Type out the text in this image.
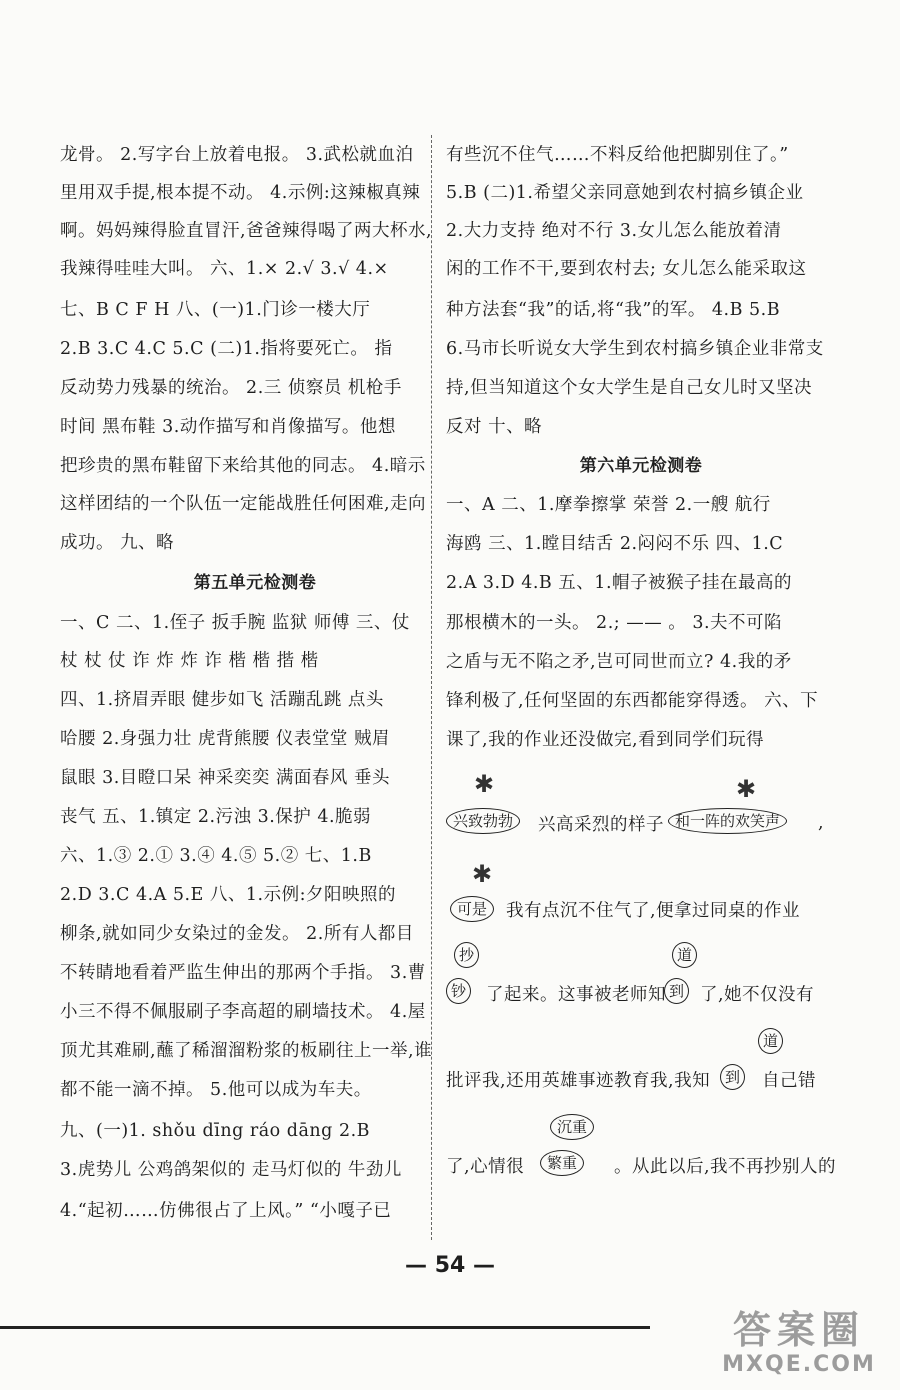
龙骨。 2.写字台上放着电报。 3.武松就血泊
里用双手提,根本提不动。 4.示例:这辣椒真辣
啊。妈妈辣得脸直冒汗,爸爸辣得喝了两大杯水,
我辣得哇哇大叫。 六、1.× 2.√ 3.√ 4.×
七、B C F H 八、(一)1.门诊一楼大厅
2.B 3.C 4.C 5.C (二)1.指将要死亡。 指
反动势力残暴的统治。 2.三 侦察员 机枪手
时间 黑布鞋 3.动作描写和肖像描写。他想
把珍贵的黑布鞋留下来给其他的同志。 4.暗示
这样团结的一个队伍一定能战胜任何困难,走向
成功。 九、略
第五单元检测卷
一、C 二、1.侄子 扳手腕 监狱 师傅 三、仗
杖 杖 仗 诈 炸 炸 诈 楷 楷 揩 楷
四、1.挤眉弄眼 健步如飞 活蹦乱跳 点头
哈腰 2.身强力壮 虎背熊腰 仪表堂堂 贼眉
鼠眼 3.目瞪口呆 神采奕奕 满面春风 垂头
丧气 五、1.镇定 2.污浊 3.保护 4.脆弱
六、1.③ 2.① 3.④ 4.⑤ 5.② 七、1.B
2.D 3.C 4.A 5.E 八、1.示例:夕阳映照的
柳条,就如同少女染过的金发。 2.所有人都目
不转睛地看着严监生伸出的那两个手指。 3.曹
小三不得不佩服刷子李高超的刷墙技术。 4.屋
顶尤其难刷,蘸了稀溜溜粉浆的板刷往上一举,谁
都不能一滴不掉。 5.他可以成为车夫。
九、(一)1. shǒu dīng ráo dāng 2.B
3.虎势儿 公鸡鸽架似的 走马灯似的 牛劲儿
4.“起初……仿佛很占了上风。” “小嘎子已
有些沉不住气……不料反给他把脚别住了。”
5.B (二)1.希望父亲同意她到农村搞乡镇企业
2.大力支持 绝对不行 3.女儿怎么能放着清
闲的工作不干,要到农村去; 女儿怎么能采取这
种方法套“我”的话,将“我”的军。 4.B 5.B
6.马市长听说女大学生到农村搞乡镇企业非常支
持,但当知道这个女大学生是自己女儿时又坚决
反对 十、略
第六单元检测卷
一、A 二、1.摩拳擦掌 荣誉 2.一艘 航行
海鸥 三、1.瞠目结舌 2.闷闷不乐 四、1.C
2.A 3.D 4.B 五、1.帽子被猴子挂在最高的
那根横木的一头。 2.; —— 。 3.夫不可陷
之盾与无不陷之矛,岂可同世而立? 4.我的矛
锋利极了,任何坚固的东西都能穿得透。 六、下
课了,我的作业还没做完,看到同学们玩得
✱
兴致勃勃	兴高采烈的样子
✱
和一阵的欢笑声	,
✱
可是	我有点沉不住气了,便拿过同桌的作业
抄
钞 了起来。这事被老师知
道
到 了,她不仅没有
道
批评我,还用英雄事迹教育我,我知 到 自己错
沉重
了,心情很	繁重	。从此以后,我不再抄别人的
— 54 —
答案圈
MXQE.COM
